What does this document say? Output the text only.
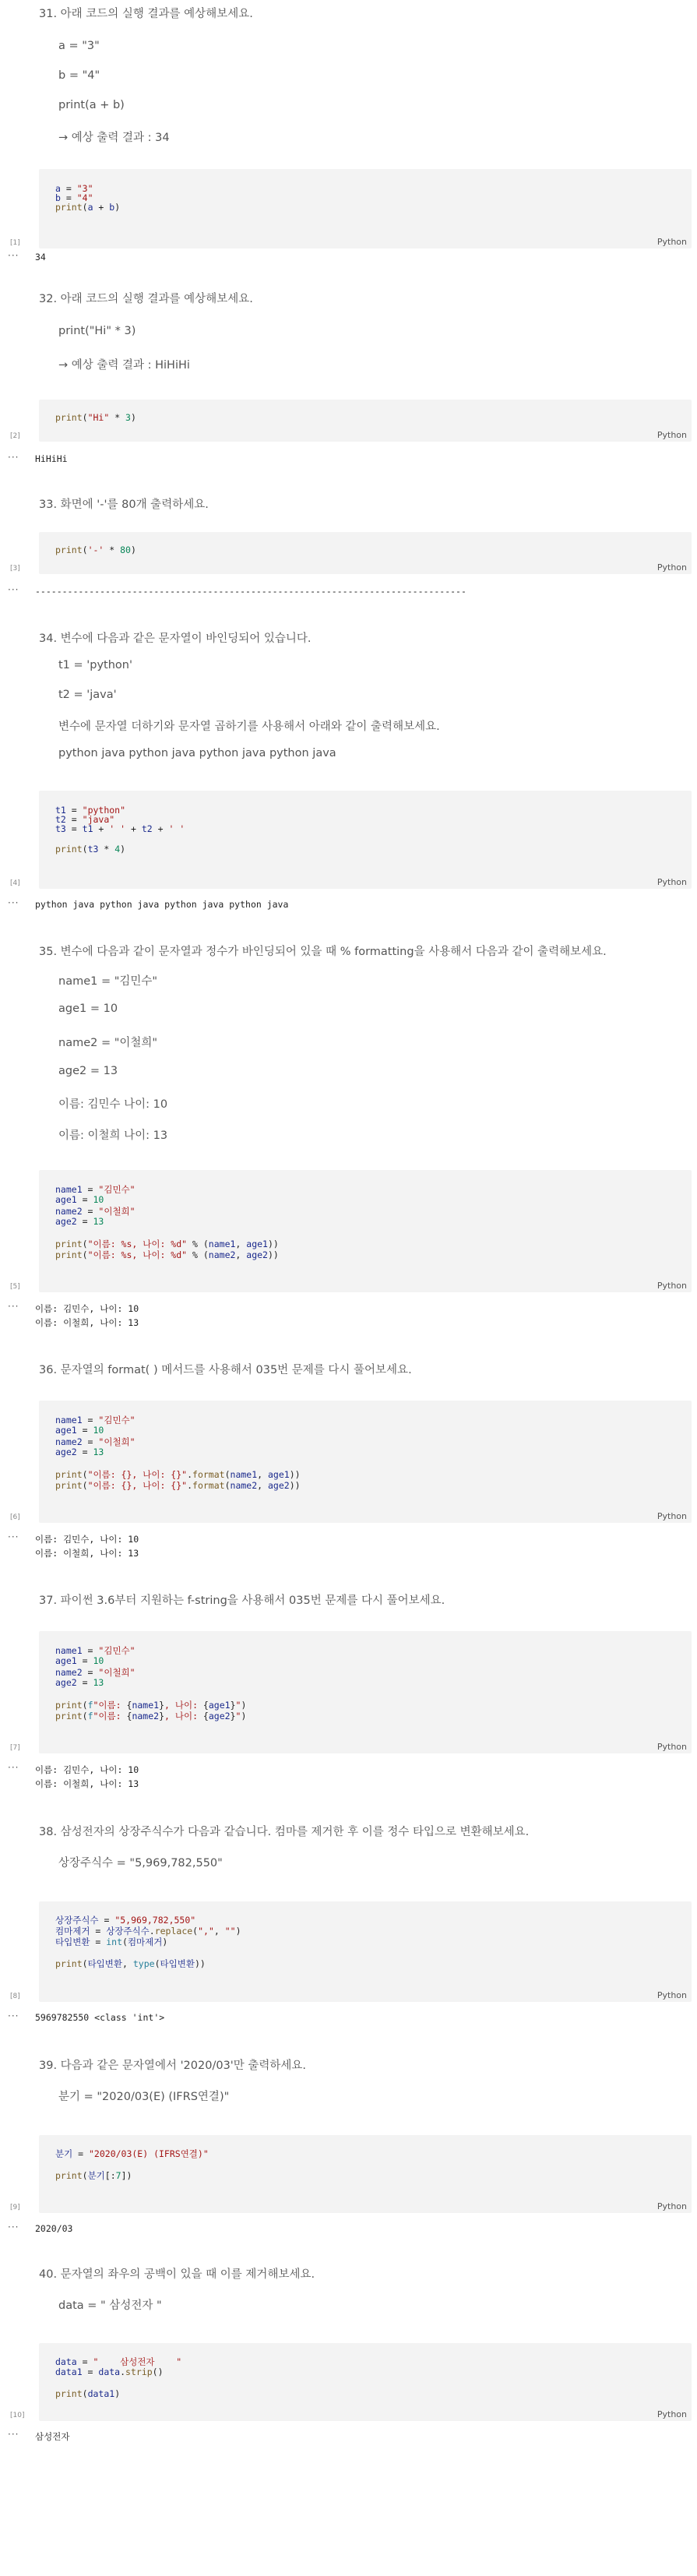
31. 아래 코드의 실행 결과를 예상해보세요.
a = "3"
b = "4"
print(a + b)
→ 예상 출력 결과 : 34
a = "3"
b = "4"
print(a + b)
[1]	Python
··· 34
32. 아래 코드의 실행 결과를 예상해보세요.
print("Hi" * 3)
→ 예상 출력 결과 : HiHiHi
print("Hi" * 3)
[2]	Python
··· HiHiHi
33. 화면에 '-'를 80개 출력하세요.
print('-' * 80)
[3]	Python
··· --------------------------------------------------------------------------------
34. 변수에 다음과 같은 문자열이 바인딩되어 있습니다.
t1 = 'python'
t2 = 'java'
변수에 문자열 더하기와 문자열 곱하기를 사용해서 아래와 같이 출력해보세요.
python java python java python java python java
t1 = "python"
t2 = "java"
t3 = t1 + ' ' + t2 + ' '
print(t3 * 4)
[4]	Python
··· python java python java python java python java
35. 변수에 다음과 같이 문자열과 정수가 바인딩되어 있을 때 % formatting을 사용해서 다음과 같이 출력해보세요.
name1 = "김민수"
age1 = 10
name2 = "이철희"
age2 = 13
이름: 김민수 나이: 10
이름: 이철희 나이: 13
name1 = "김민수"
age1 = 10
name2 = "이철희"
age2 = 13
print("이름: %s, 나이: %d" % (name1, age1))
print("이름: %s, 나이: %d" % (name2, age2))
[5]	Python
··· 이름: 김민수, 나이: 10
이름: 이철희, 나이: 13
36. 문자열의 format( ) 메서드를 사용해서 035번 문제를 다시 풀어보세요.
name1 = "김민수"
age1 = 10
name2 = "이철희"
age2 = 13
print("이름: {}, 나이: {}".format(name1, age1))
print("이름: {}, 나이: {}".format(name2, age2))
[6]	Python
··· 이름: 김민수, 나이: 10
이름: 이철희, 나이: 13
37. 파이썬 3.6부터 지원하는 f-string을 사용해서 035번 문제를 다시 풀어보세요.
name1 = "김민수"
age1 = 10
name2 = "이철희"
age2 = 13
print(f"이름: {name1}, 나이: {age1}")
print(f"이름: {name2}, 나이: {age2}")
[7]	Python
··· 이름: 김민수, 나이: 10
이름: 이철희, 나이: 13
38. 삼성전자의 상장주식수가 다음과 같습니다. 컴마를 제거한 후 이를 정수 타입으로 변환해보세요.
상장주식수 = "5,969,782,550"
상장주식수 = "5,969,782,550"
컴마제거 = 상장주식수.replace(",", "")
타입변환 = int(컴마제거)
print(타입변환, type(타입변환))
[8]	Python
··· 5969782550 <class 'int'>
39. 다음과 같은 문자열에서 '2020/03'만 출력하세요.
분기 = "2020/03(E) (IFRS연결)"
분기 = "2020/03(E) (IFRS연결)"
print(분기[:7])
[9]	Python
··· 2020/03
40. 문자열의 좌우의 공백이 있을 때 이를 제거해보세요.
data = " 삼성전자 "
data = "    삼성전자    "
data1 = data.strip()
print(data1)
[10]	Python
··· 삼성전자
